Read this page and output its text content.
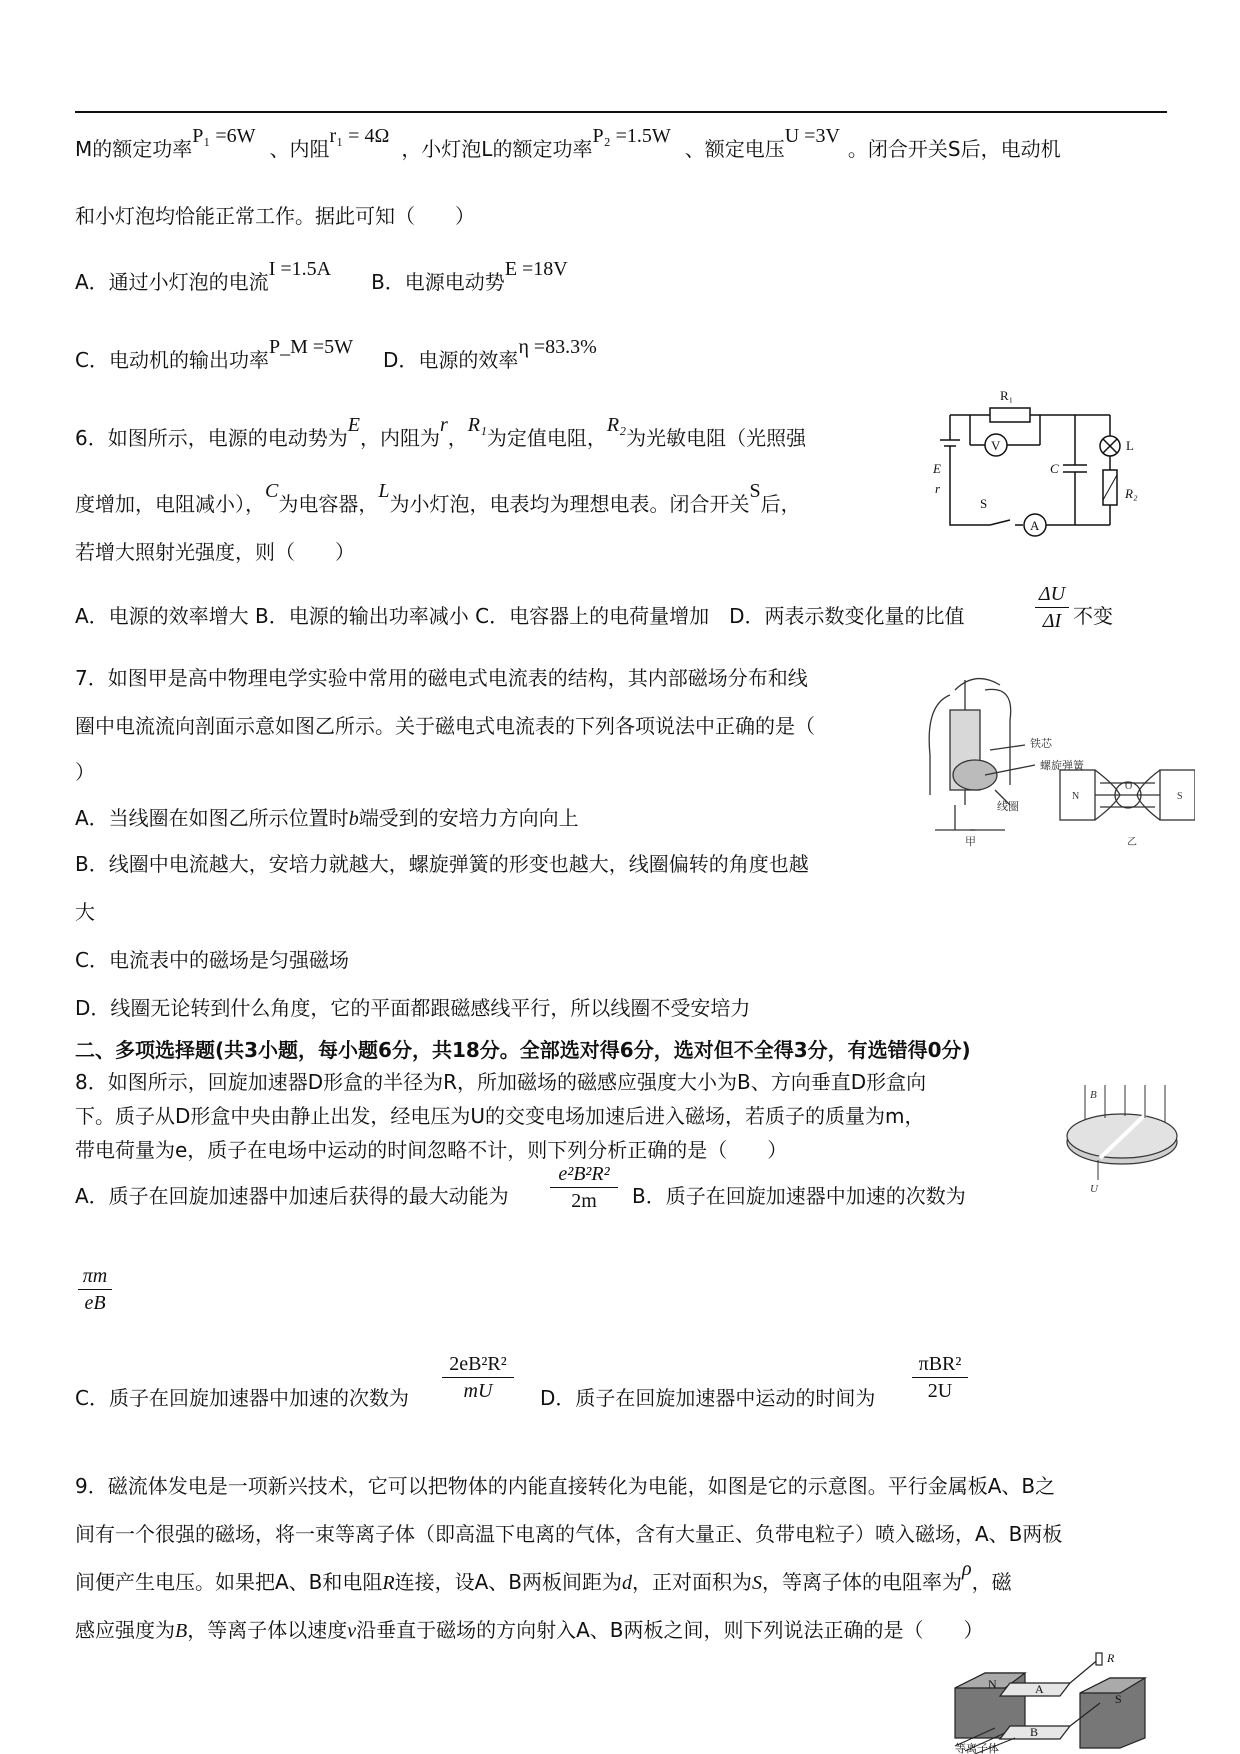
M的额定功率P₁ =6W、内阻r₁ = 4Ω，小灯泡L的额定功率P₂ =1.5W、额定电压U =3V。闭合开关S后，电动机
和小灯泡均恰能正常工作。据此可知（　　）
A．通过小灯泡的电流I =1.5AB．电源电动势E =18V
C．电动机的输出功率P_M =5WD．电源的效率η =83.3%
6．如图所示，电源的电动势为E，内阻为r，R₁为定值电阻，R₂为光敏电阻（光照强
度增加，电阻减小），C为电容器，L为小灯泡，电表均为理想电表。闭合开关S后，
若增大照射光强度，则（　　）
A．电源的效率增大 B．电源的输出功率减小 C．电容器上的电荷量增加　D．两表示数变化量的比值
ΔU
ΔI 不变
R₁
V	L
E
r
C
R₂
S
A
7．如图甲是高中物理电学实验中常用的磁电式电流表的结构，其内部磁场分布和线
圈中电流流向剖面示意如图乙所示。关于磁电式电流表的下列各项说法中正确的是（
）
A．当线圈在如图乙所示位置时b端受到的安培力方向向上
B．线圈中电流越大，安培力就越大，螺旋弹簧的形变也越大，线圈偏转的角度也越
大
C．电流表中的磁场是匀强磁场
D．线圈无论转到什么角度，它的平面都跟磁感线平行，所以线圈不受安培力
铁芯
螺旋弹簧
线圈
甲
N	S
O
乙
二、多项选择题(共3小题，每小题6分，共18分。全部选对得6分，选对但不全得3分，有选错得0分)
8．如图所示，回旋加速器D形盒的半径为R，所加磁场的磁感应强度大小为B、方向垂直D形盒向
下。质子从D形盒中央由静止出发，经电压为U的交变电场加速后进入磁场，若质子的质量为m，
带电荷量为e，质子在电场中运动的时间忽略不计，则下列分析正确的是（　　）
A．质子在回旋加速器中加速后获得的最大动能为
e²B²R²
2m	B．质子在回旋加速器中加速的次数为
πm
eB
C．质子在回旋加速器中加速的次数为
2eB²R²
mU	D．质子在回旋加速器中运动的时间为
πBR²
2U
B
U
9．磁流体发电是一项新兴技术，它可以把物体的内能直接转化为电能，如图是它的示意图。平行金属板A、B之
间有一个很强的磁场，将一束等离子体（即高温下电离的气体，含有大量正、负带电粒子）喷入磁场，A、B两板
间便产生电压。如果把A、B和电阻R连接，设A、B两板间距为d，正对面积为S，等离子体的电阻率为ρ，磁
感应强度为B，等离子体以速度v沿垂直于磁场的方向射入A、B两板之间，则下列说法正确的是（　　）
N	A
S
B
R
等离子体
